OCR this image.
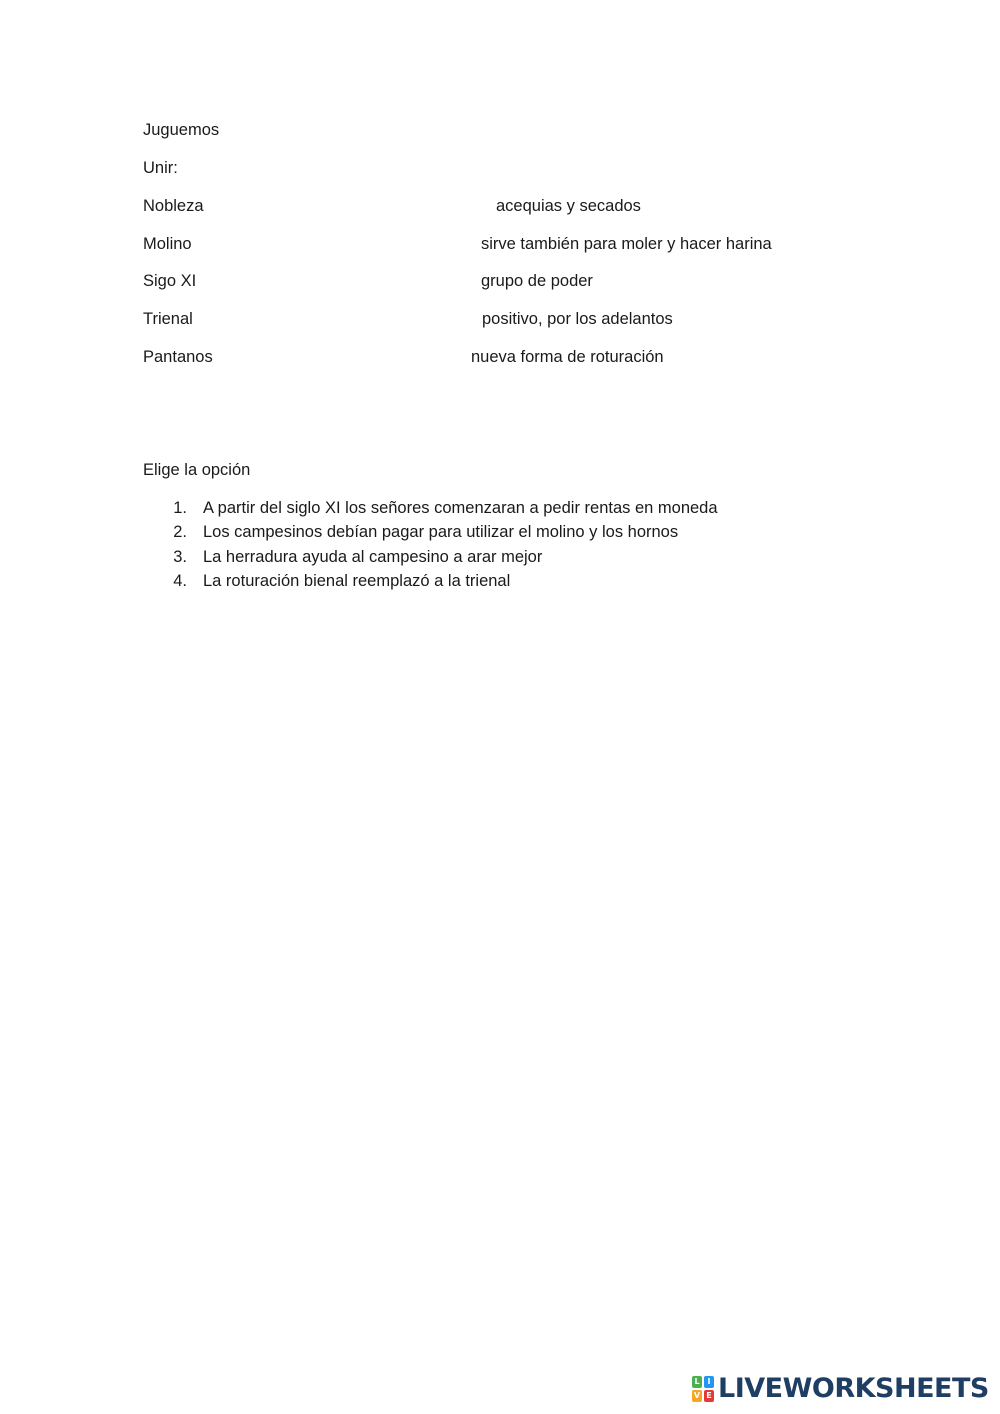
Juguemos
Unir:
Nobleza
Molino
Sigo XI
Trienal
Pantanos
acequias y secados
sirve también para moler y hacer harina
grupo de poder
positivo, por los adelantos
nueva forma de roturación
Elige la opción
1. A partir del siglo XI los señores comenzaran a pedir rentas en moneda
2. Los campesinos debían pagar para utilizar el molino y los hornos
3. La herradura ayuda al campesino a arar mejor
4. La roturación bienal reemplazó a la trienal
L I
V E LIVEWORKSHEETS
